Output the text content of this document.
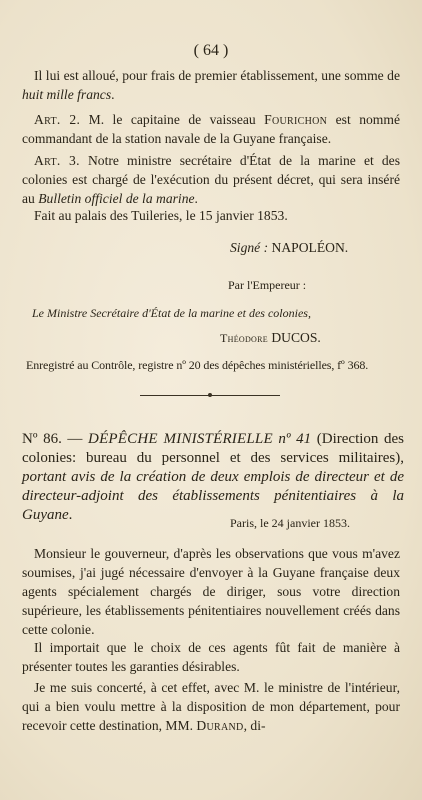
( 64 )
Il lui est alloué, pour frais de premier établissement, une somme de huit mille francs.
Art. 2. M. le capitaine de vaisseau Fourichon est nommé commandant de la station navale de la Guyane française.
Art. 3. Notre ministre secrétaire d'État de la marine et des colonies est chargé de l'exécution du présent décret, qui sera inséré au Bulletin officiel de la marine.
Fait au palais des Tuileries, le 15 janvier 1853.
Signé : NAPOLÉON.
Par l'Empereur :
Le Ministre Secrétaire d'État de la marine et des colonies,
Théodore DUCOS.
Enregistré au Contrôle, registre nº 20 des dépêches ministérielles, fº 368.
Nº 86. — DÉPÊCHE MINISTÉRIELLE nº 41 (Direction des colonies: bureau du personnel et des services militaires), portant avis de la création de deux emplois de directeur et de directeur-adjoint des établissements pénitentiaires à la Guyane.	Paris, le 24 janvier 1853.
Monsieur le gouverneur, d'après les observations que vous m'avez soumises, j'ai jugé nécessaire d'envoyer à la Guyane française deux agents spécialement chargés de diriger, sous votre direction supérieure, les établissements pénitentiaires nouvellement créés dans cette colonie.
Il importait que le choix de ces agents fût fait de manière à présenter toutes les garanties désirables.
Je me suis concerté, à cet effet, avec M. le ministre de l'intérieur, qui a bien voulu mettre à la disposition de mon département, pour recevoir cette destination, MM. Durand, di-
